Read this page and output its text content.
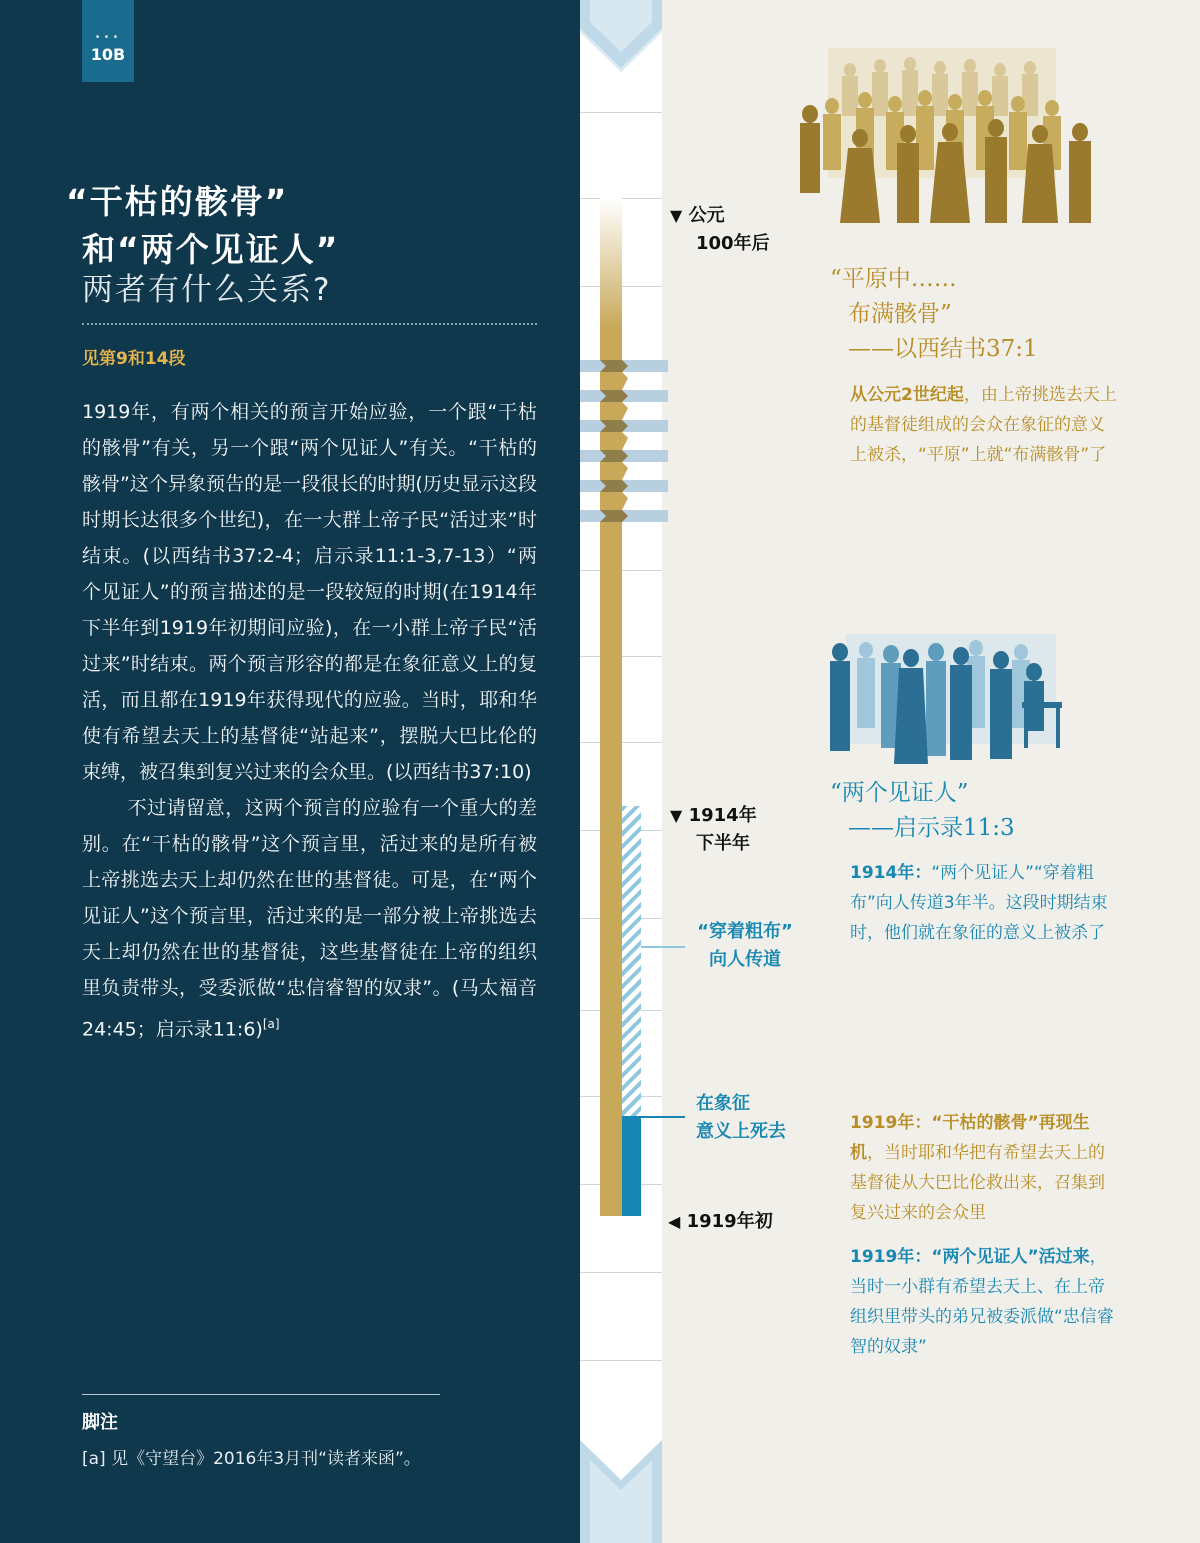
•••
10B
“干枯的骸骨”
和“两个见证人”
两者有什么关系?
见第9和14段

1919年，有两个相关的预言开始应验，一个跟“干枯的骸骨”有关，另一个跟“两个见证人”有关。“干枯的骸骨”这个异象预告的是一段很长的时期(历史显示这段时期长达很多个世纪)，在一大群上帝子民“活过来”时结束。(以西结书37:2-4；启示录11:1-3,7-13）“两个见证人”的预言描述的是一段较短的时期(在1914年下半年到1919年初期间应验)，在一小群上帝子民“活过来”时结束。两个预言形容的都是在象征意义上的复活，而且都在1919年获得现代的应验。当时，耶和华使有希望去天上的基督徒“站起来”，摆脱大巴比伦的束缚，被召集到复兴过来的会众里。(以西结书37:10)

不过请留意，这两个预言的应验有一个重大的差别。在“干枯的骸骨”这个预言里，活过来的是所有被上帝挑选去天上却仍然在世的基督徒。可是，在“两个见证人”这个预言里，活过来的是一部分被上帝挑选去天上却仍然在世的基督徒，这些基督徒在上帝的组织里负责带头，受委派做“忠信睿智的奴隶”。(马太福音24:45；启示录11:6)[a]

脚注
[a] 见《守望台》2016年3月刊“读者来函”。
▼ 公元
100年后
▼ 1914年
下半年
◀ 1919年初
“穿着粗布”
向人传道
在象征
意义上死去
“平原中……
布满骸骨”
——以西结书37:1
从公元2世纪起，由上帝挑选去天上的基督徒组成的会众在象征的意义上被杀，“平原”上就“布满骸骨”了
“两个见证人”
——启示录11:3
1914年：“两个见证人”“穿着粗布”向人传道3年半。这段时期结束时，他们就在象征的意义上被杀了
1919年：“干枯的骸骨”再现生机，当时耶和华把有希望去天上的基督徒从大巴比伦救出来，召集到复兴过来的会众里
1919年：“两个见证人”活过来，当时一小群有希望去天上、在上帝组织里带头的弟兄被委派做“忠信睿智的奴隶”
